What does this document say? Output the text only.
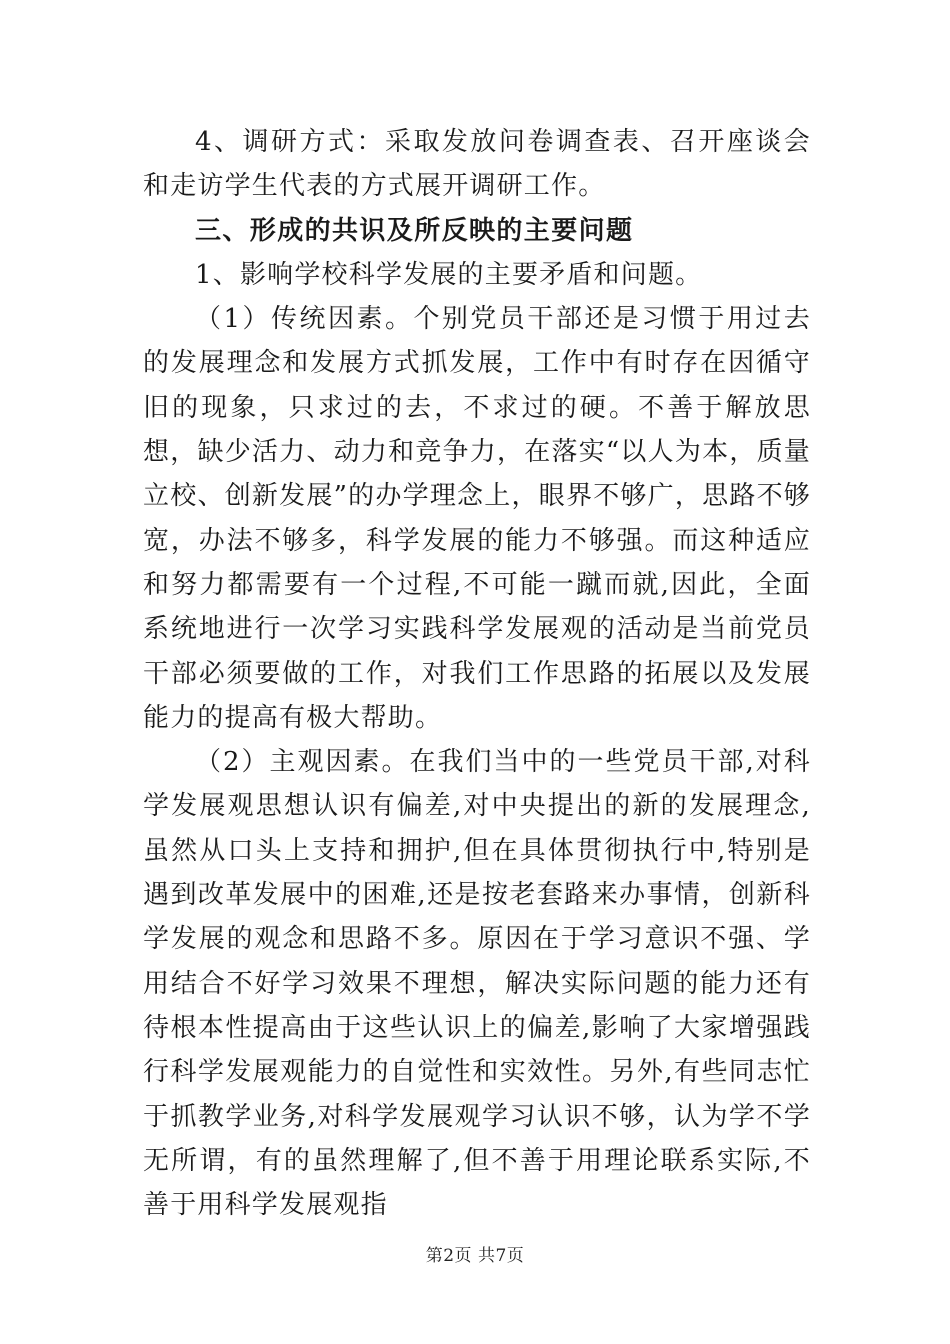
4、调研方式：采取发放问卷调查表、召开座谈会和走访学生代表的方式展开调研工作。

三、形成的共识及所反映的主要问题

1、影响学校科学发展的主要矛盾和问题。

（1）传统因素。个别党员干部还是习惯于用过去的发展理念和发展方式抓发展，工作中有时存在因循守旧的现象，只求过的去，不求过的硬。不善于解放思想，缺少活力、动力和竞争力，在落实“以人为本，质量立校、创新发展”的办学理念上，眼界不够广，思路不够宽，办法不够多，科学发展的能力不够强。而这种适应和努力都需要有一个过程,不可能一蹴而就,因此，全面系统地进行一次学习实践科学发展观的活动是当前党员干部必须要做的工作，对我们工作思路的拓展以及发展能力的提高有极大帮助。

（2）主观因素。在我们当中的一些党员干部,对科学发展观思想认识有偏差,对中央提出的新的发展理念,虽然从口头上支持和拥护,但在具体贯彻执行中,特别是遇到改革发展中的困难,还是按老套路来办事情，创新科学发展的观念和思路不多。原因在于学习意识不强、学用结合不好学习效果不理想，解决实际问题的能力还有待根本性提高由于这些认识上的偏差,影响了大家增强践行科学发展观能力的自觉性和实效性。另外,有些同志忙于抓教学业务,对科学发展观学习认识不够，认为学不学无所谓，有的虽然理解了,但不善于用理论联系实际,不善于用科学发展观指

第2页 共7页
